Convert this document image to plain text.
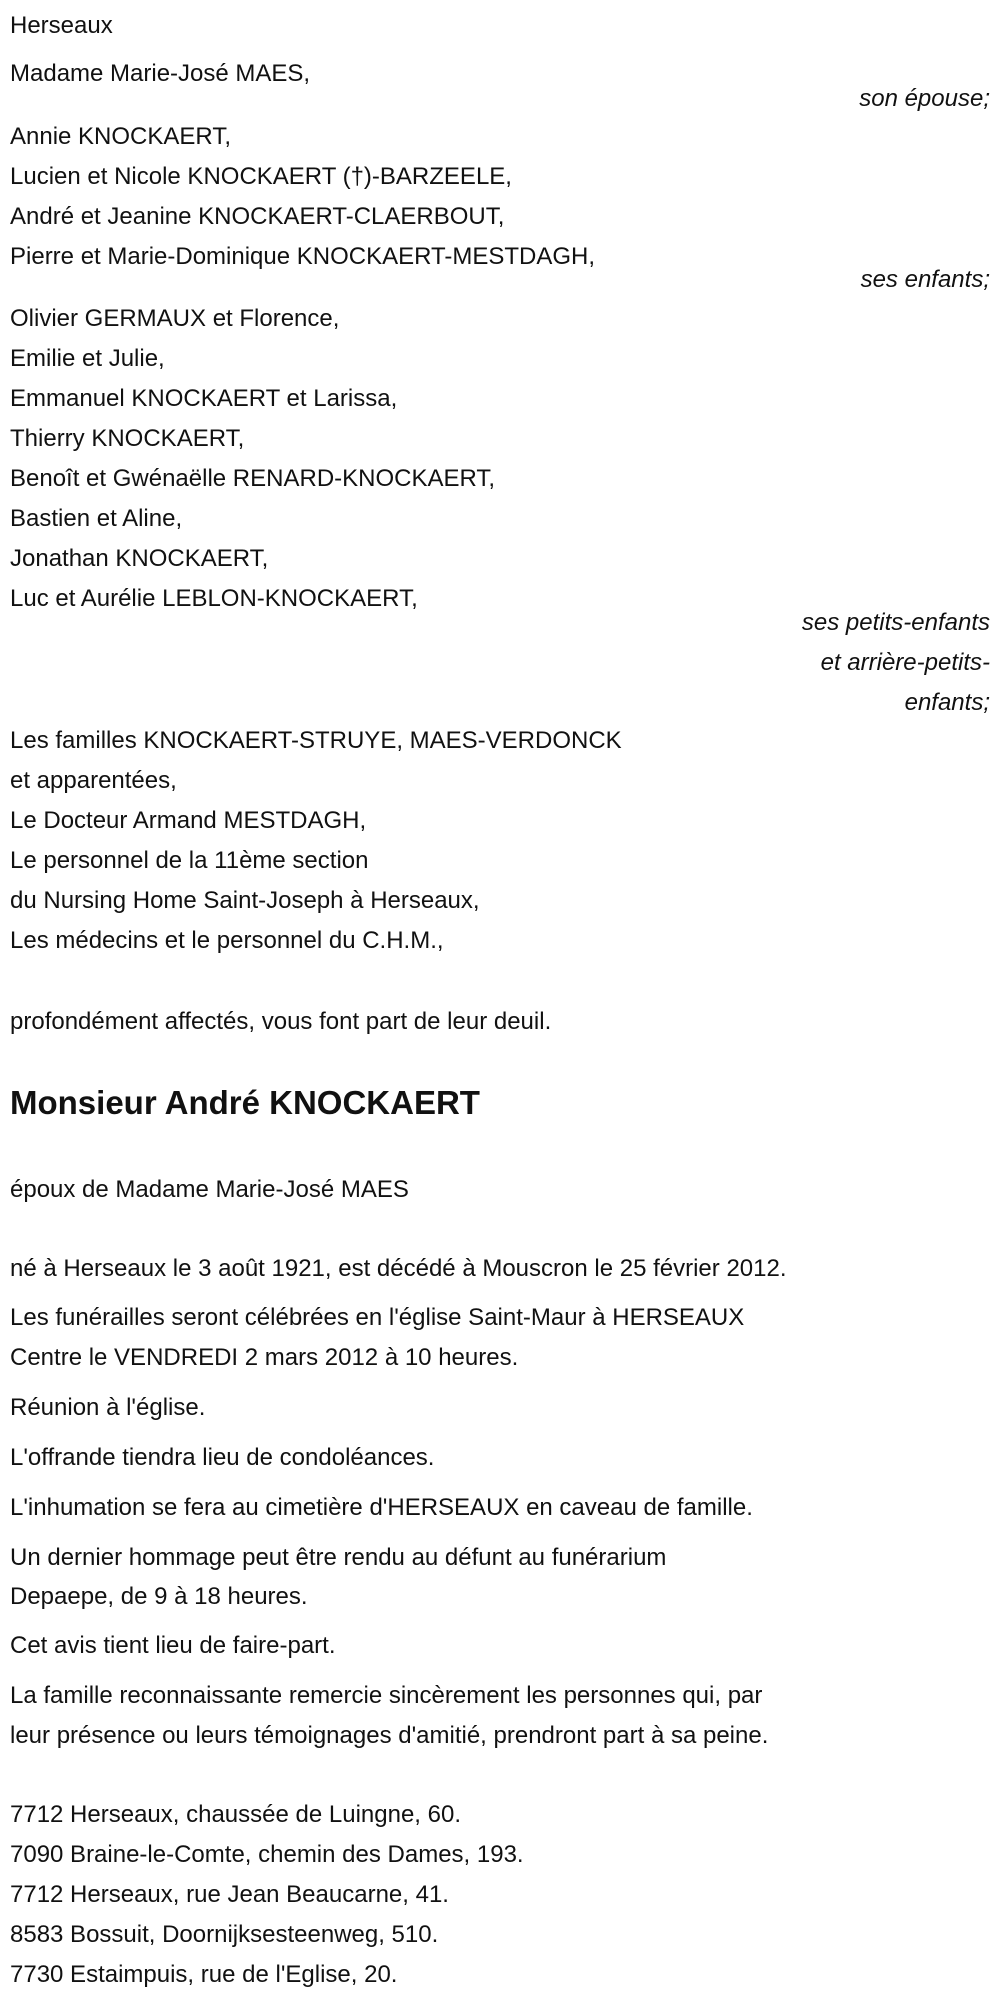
Herseaux
Madame Marie-José MAES,
son épouse;
Annie KNOCKAERT,
Lucien et Nicole KNOCKAERT (†)-BARZEELE,
André et Jeanine KNOCKAERT-CLAERBOUT,
Pierre et Marie-Dominique KNOCKAERT-MESTDAGH,
ses enfants;
Olivier GERMAUX et Florence,
Emilie et Julie,
Emmanuel KNOCKAERT et Larissa,
Thierry KNOCKAERT,
Benoît et Gwénaëlle RENARD-KNOCKAERT,
Bastien et Aline,
Jonathan KNOCKAERT,
Luc et Aurélie LEBLON-KNOCKAERT,
ses petits-enfants
et arrière-petits-
enfants;
Les familles KNOCKAERT-STRUYE, MAES-VERDONCK
et apparentées,
Le Docteur Armand MESTDAGH,
Le personnel de la 11ème section
du Nursing Home Saint-Joseph à Herseaux,
Les médecins et le personnel du C.H.M.,
profondément affectés, vous font part de leur deuil.
Monsieur André KNOCKAERT
époux de Madame Marie-José MAES
né à Herseaux le 3 août 1921, est décédé à Mouscron le 25 février 2012.
Les funérailles seront célébrées en l'église Saint-Maur à HERSEAUX
Centre le VENDREDI 2 mars 2012 à 10 heures.
Réunion à l'église.
L'offrande tiendra lieu de condoléances.
L'inhumation se fera au cimetière d'HERSEAUX en caveau de famille.
Un dernier hommage peut être rendu au défunt au funérarium
Depaepe, de 9 à 18 heures.
Cet avis tient lieu de faire-part.
La famille reconnaissante remercie sincèrement les personnes qui, par
leur présence ou leurs témoignages d'amitié, prendront part à sa peine.
7712 Herseaux, chaussée de Luingne, 60.
7090 Braine-le-Comte, chemin des Dames, 193.
7712 Herseaux, rue Jean Beaucarne, 41.
8583 Bossuit, Doornijksesteenweg, 510.
7730 Estaimpuis, rue de l'Eglise, 20.
